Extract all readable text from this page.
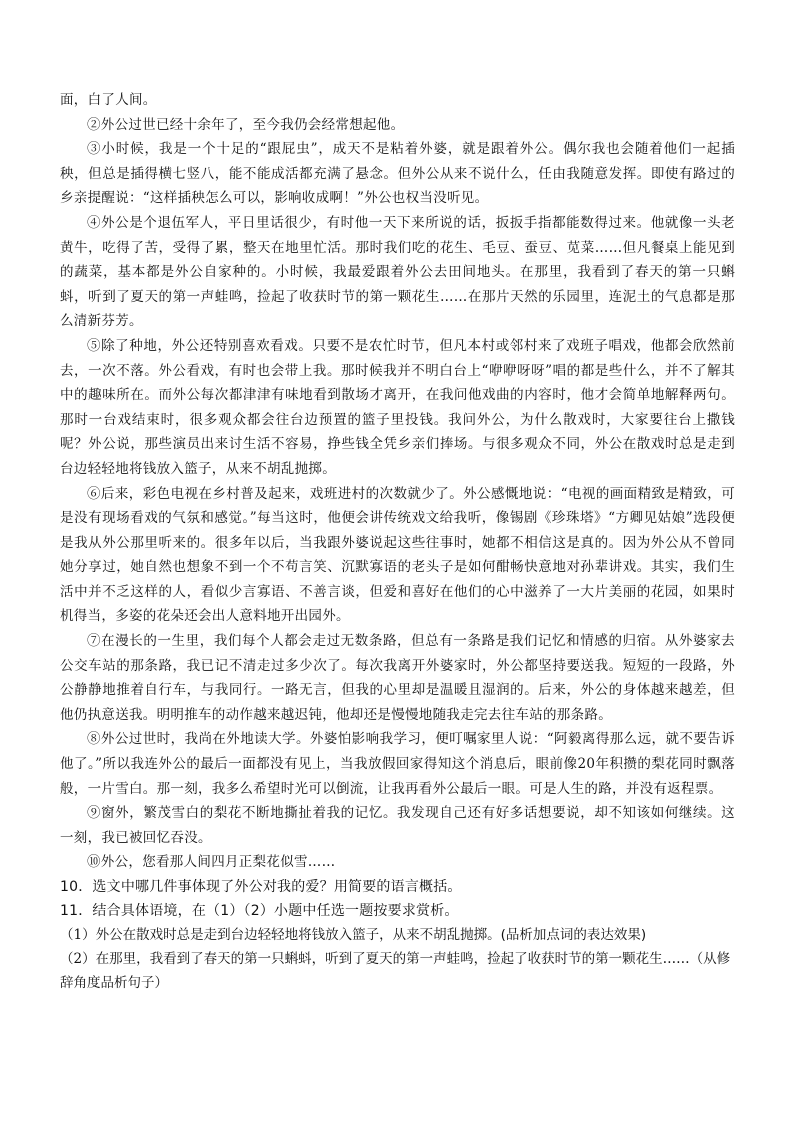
面，白了人间。

②外公过世已经十余年了，至今我仍会经常想起他。

③小时候，我是一个十足的“跟屁虫”，成天不是粘着外婆，就是跟着外公。偶尔我也会随着他们一起插秧，但总是插得横七竖八，能不能成活都充满了悬念。但外公从来不说什么，任由我随意发挥。即使有路过的乡亲提醒说：“这样插秧怎么可以，影响收成啊！”外公也权当没听见。

④外公是个退伍军人，平日里话很少，有时他一天下来所说的话，扳扳手指都能数得过来。他就像一头老黄牛，吃得了苦，受得了累，整天在地里忙活。那时我们吃的花生、毛豆、蚕豆、苋菜……但凡餐桌上能见到的蔬菜，基本都是外公自家种的。小时候，我最爱跟着外公去田间地头。在那里，我看到了春天的第一只蝌蚪，听到了夏天的第一声蛙鸣，捡起了收获时节的第一颗花生……在那片天然的乐园里，连泥土的气息都是那么清新芬芳。

⑤除了种地，外公还特别喜欢看戏。只要不是农忙时节，但凡本村或邻村来了戏班子唱戏，他都会欣然前去，一次不落。外公看戏，有时也会带上我。那时候我并不明白台上“咿咿呀呀”唱的都是些什么，并不了解其中的趣味所在。而外公每次都津津有味地看到散场才离开，在我问他戏曲的内容时，他才会简单地解释两句。那时一台戏结束时，很多观众都会往台边预置的篮子里投钱。我问外公，为什么散戏时，大家要往台上撒钱呢？外公说，那些演员出来讨生活不容易，挣些钱全凭乡亲们捧场。与很多观众不同，外公在散戏时总是走到台边轻轻地将钱放入篮子，从来不胡乱抛掷。

⑥后来，彩色电视在乡村普及起来，戏班进村的次数就少了。外公感慨地说：“电视的画面精致是精致，可是没有现场看戏的气氛和感觉。”每当这时，他便会讲传统戏文给我听，像锡剧《珍珠塔》“方卿见姑娘”选段便是我从外公那里听来的。很多年以后，当我跟外婆说起这些往事时，她都不相信这是真的。因为外公从不曾同她分享过，她自然也想象不到一个不苟言笑、沉默寡语的老头子是如何酣畅快意地对孙辈讲戏。其实，我们生活中并不乏这样的人，看似少言寡语、不善言谈，但爱和喜好在他们的心中滋养了一大片美丽的花园，如果时机得当，多姿的花朵还会出人意料地开出园外。

⑦在漫长的一生里，我们每个人都会走过无数条路，但总有一条路是我们记忆和情感的归宿。从外婆家去公交车站的那条路，我已记不清走过多少次了。每次我离开外婆家时，外公都坚持要送我。短短的一段路，外公静静地推着自行车，与我同行。一路无言，但我的心里却是温暖且湿润的。后来，外公的身体越来越差，但他仍执意送我。明明推车的动作越来越迟钝，他却还是慢慢地随我走完去往车站的那条路。

⑧外公过世时，我尚在外地读大学。外婆怕影响我学习，便叮嘱家里人说：“阿毅离得那么远，就不要告诉他了。”所以我连外公的最后一面都没有见上，当我放假回家得知这个消息后，眼前像20年积攒的梨花同时飘落般，一片雪白。那一刻，我多么希望时光可以倒流，让我再看外公最后一眼。可是人生的路，并没有返程票。

⑨窗外，繁茂雪白的梨花不断地撕扯着我的记忆。我发现自己还有好多话想要说，却不知该如何继续。这一刻，我已被回忆吞没。

⑩外公，您看那人间四月正梨花似雪……

10．选文中哪几件事体现了外公对我的爱？用简要的语言概括。

11．结合具体语境，在（1）（2）小题中任选一题按要求赏析。

（1）外公在散戏时总是走到台边轻轻地将钱放入篮子，从来不胡乱抛掷。(品析加点词的表达效果)

（2）在那里，我看到了春天的第一只蝌蚪，听到了夏天的第一声蛙鸣，捡起了收获时节的第一颗花生……（从修辞角度品析句子）
